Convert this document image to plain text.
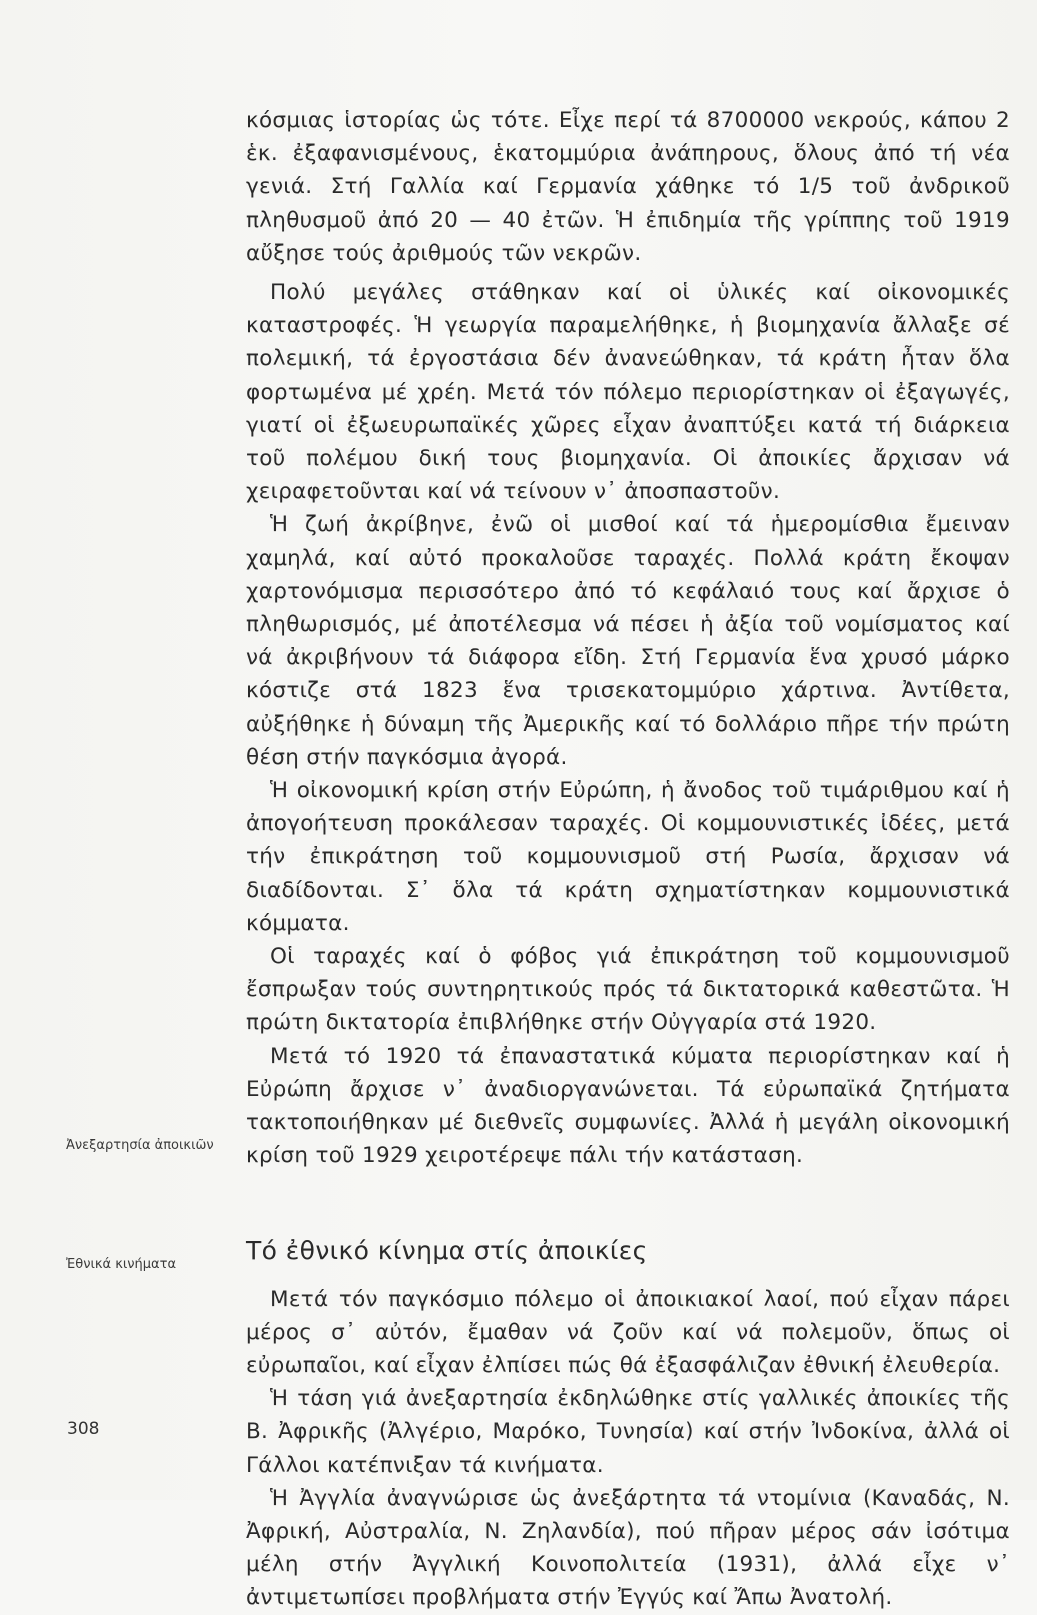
κόσμιας ἱστορίας ὡς τότε. Εἶχε περί τά 8700000 νεκρούς, κάπου 2 ἑκ. ἐξαφανισμένους, ἑκατομμύρια ἀνάπηρους, ὅλους ἀπό τή νέα γενιά. Στή Γαλλία καί Γερμανία χάθηκε τό 1/5 τοῦ ἀνδρικοῦ πληθυσμοῦ ἀπό 20 — 40 ἐτῶν. Ἡ ἐπιδημία τῆς γρίππης τοῦ 1919 αὔξησε τούς ἀριθμούς τῶν νεκρῶν.

Πολύ μεγάλες στάθηκαν καί οἱ ὑλικές καί οἰκονομικές καταστροφές. Ἡ γεωργία παραμελήθηκε, ἡ βιομηχανία ἄλλαξε σέ πολεμική, τά ἐργοστάσια δέν ἀνανεώθηκαν, τά κράτη ἦταν ὅλα φορτωμένα μέ χρέη. Μετά τόν πόλεμο περιορίστηκαν οἱ ἐξαγωγές, γιατί οἱ ἐξωευρωπαϊκές χῶρες εἶχαν ἀναπτύξει κατά τή διάρκεια τοῦ πολέμου δική τους βιομηχανία. Οἱ ἀποικίες ἄρχισαν νά χειραφετοῦνται καί νά τείνουν ν᾿ ἀποσπαστοῦν.

Ἡ ζωή ἀκρίβηνε, ἐνῶ οἱ μισθοί καί τά ἡμερομίσθια ἔμειναν χαμηλά, καί αὐτό προκαλοῦσε ταραχές. Πολλά κράτη ἔκοψαν χαρτονόμισμα περισσότερο ἀπό τό κεφάλαιό τους καί ἄρχισε ὁ πληθωρισμός, μέ ἀποτέλεσμα νά πέσει ἡ ἀξία τοῦ νομίσματος καί νά ἀκριβήνουν τά διάφορα εἴδη. Στή Γερμανία ἕνα χρυσό μάρκο κόστιζε στά 1823 ἕνα τρισεκατομμύριο χάρτινα. Ἀντίθετα, αὐξήθηκε ἡ δύναμη τῆς Ἀμερικῆς καί τό δολλάριο πῆρε τήν πρώτη θέση στήν παγκόσμια ἀγορά.

Ἡ οἰκονομική κρίση στήν Εὐρώπη, ἡ ἄνοδος τοῦ τιμάριθμου καί ἡ ἀπογοήτευση προκάλεσαν ταραχές. Οἱ κομμουνιστικές ἰδέες, μετά τήν ἐπικράτηση τοῦ κομμουνισμοῦ στή Ρωσία, ἄρχισαν νά διαδίδονται. Σ᾿ ὅλα τά κράτη σχηματίστηκαν κομμουνιστικά κόμματα.

Οἱ ταραχές καί ὁ φόβος γιά ἐπικράτηση τοῦ κομμουνισμοῦ ἔσπρωξαν τούς συντηρητικούς πρός τά δικτατορικά καθεστῶτα. Ἡ πρώτη δικτατορία ἐπιβλήθηκε στήν Οὐγγαρία στά 1920.

Μετά τό 1920 τά ἐπαναστατικά κύματα περιορίστηκαν καί ἡ Εὐρώπη ἄρχισε ν᾿ ἀναδιοργανώνεται. Τά εὐρωπαϊκά ζητήματα τακτοποιήθηκαν μέ διεθνεῖς συμφωνίες. Ἀλλά ἡ μεγάλη οἰκονομική κρίση τοῦ 1929 χειροτέρεψε πάλι τήν κατάσταση.

Τό ἐθνικό κίνημα στίς ἀποικίες

Μετά τόν παγκόσμιο πόλεμο οἱ ἀποικιακοί λαοί, πού εἶχαν πάρει μέρος σ᾿ αὐτόν, ἔμαθαν νά ζοῦν καί νά πολεμοῦν, ὅπως οἱ εὐρωπαῖοι, καί εἶχαν ἐλπίσει πώς θά ἐξασφάλιζαν ἐθνική ἐλευθερία.

Ἡ τάση γιά ἀνεξαρτησία ἐκδηλώθηκε στίς γαλλικές ἀποικίες τῆς Β. Ἀφρικῆς (Ἀλγέριο, Μαρόκο, Τυνησία) καί στήν Ἰνδοκίνα, ἀλλά οἱ Γάλλοι κατέπνιξαν τά κινήματα.

Ἡ Ἀγγλία ἀναγνώρισε ὡς ἀνεξάρτητα τά ντομίνια (Καναδάς, Ν. Ἀφρική, Αὐστραλία, Ν. Ζηλανδία), πού πῆραν μέρος σάν ἰσότιμα μέλη στήν Ἀγγλική Κοινοπολιτεία (1931), ἀλλά εἶχε ν᾿ ἀντιμετωπίσει προβλήματα στήν Ἐγγύς καί Ἄπω Ἀνατολή.

Ἀνεξαρτησία ἀποικιῶν
Ἐθνικά κινήματα
308
